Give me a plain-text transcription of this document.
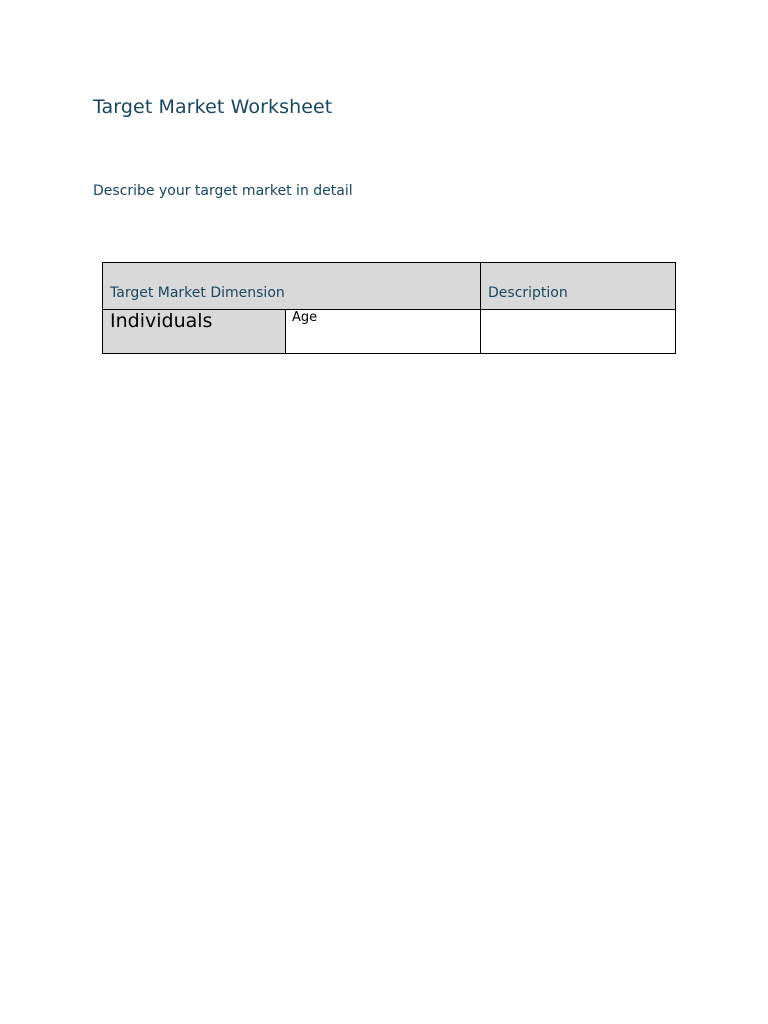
Target Market Worksheet

Describe your target market in detail

Target Market Dimension		Description

Individuals	Age	
